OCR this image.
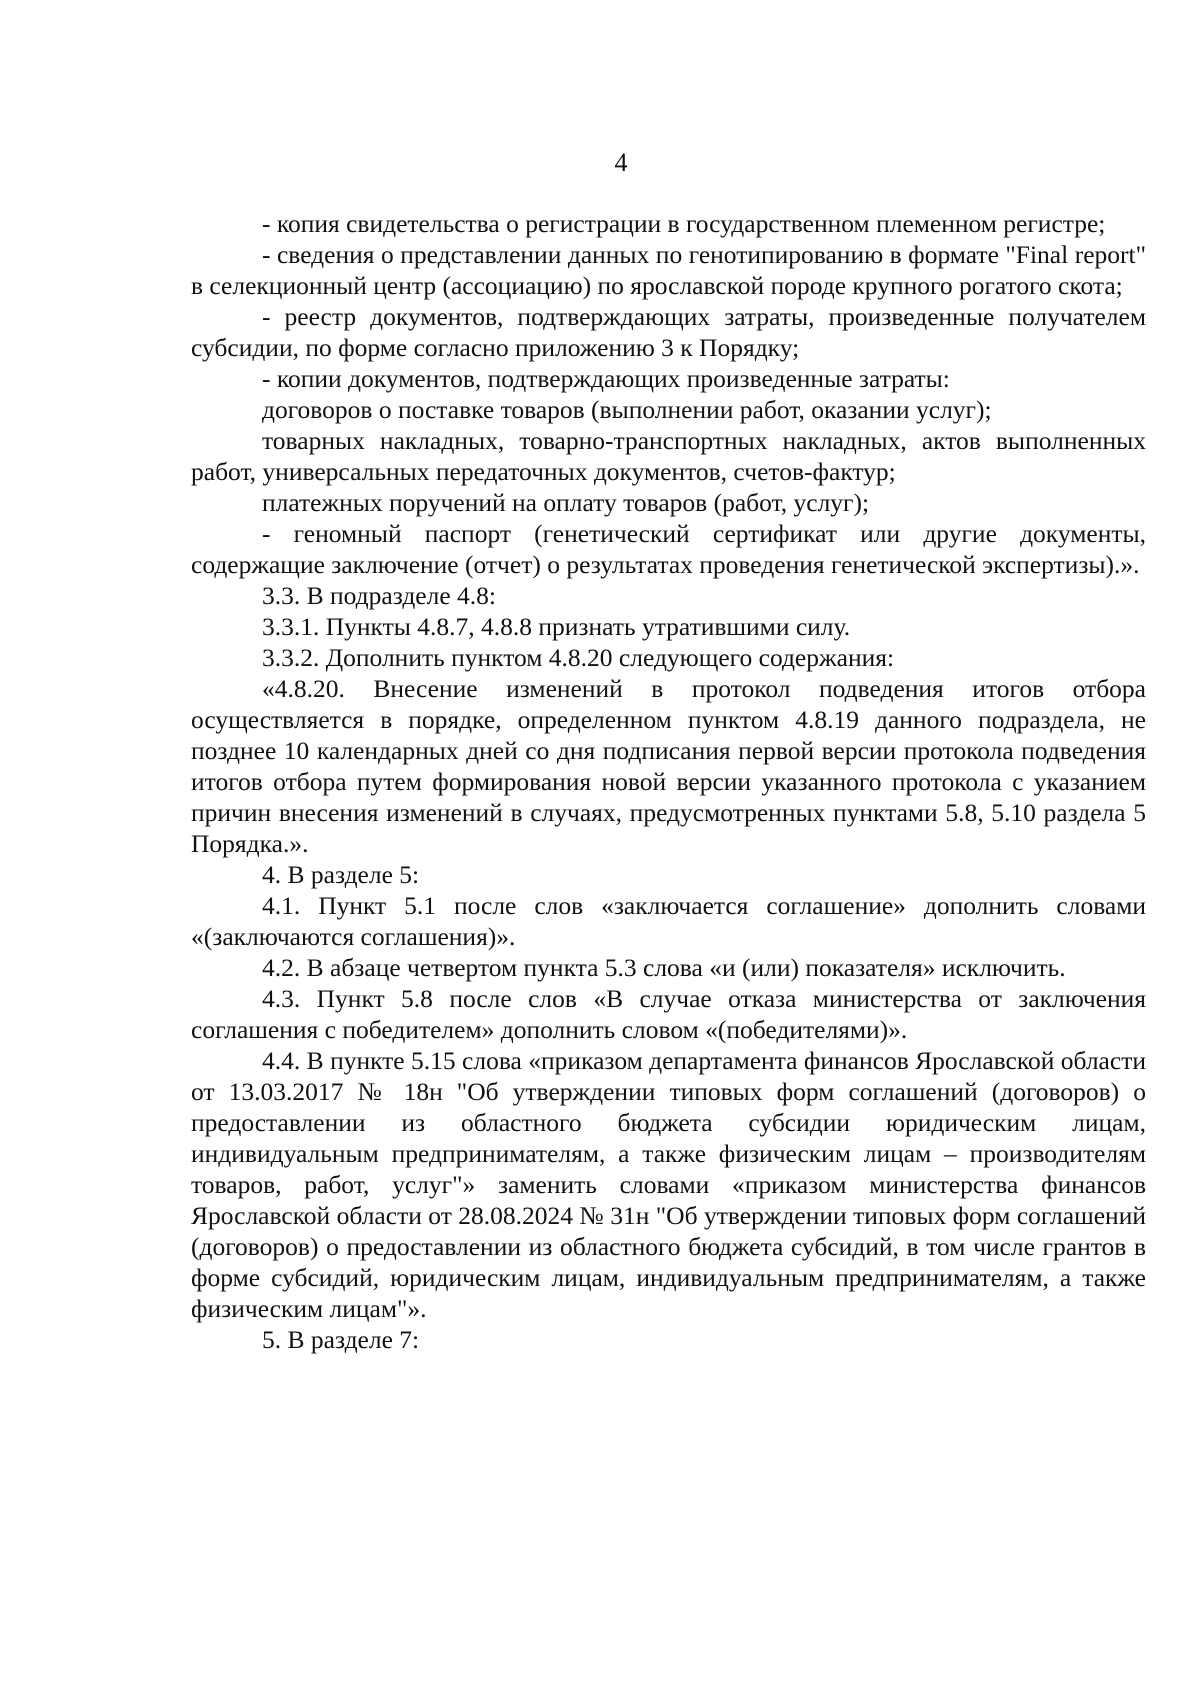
4

- копия свидетельства о регистрации в государственном племенном регистре;

- сведения о представлении данных по генотипированию в формате "Final report" в селекционный центр (ассоциацию) по ярославской породе крупного рогатого скота;

- реестр документов, подтверждающих затраты, произведенные получателем субсидии, по форме согласно приложению 3 к Порядку;

- копии документов, подтверждающих произведенные затраты:

договоров о поставке товаров (выполнении работ, оказании услуг);

товарных накладных, товарно-транспортных накладных, актов выполненных работ, универсальных передаточных документов, счетов-фактур;

платежных поручений на оплату товаров (работ, услуг);

- геномный паспорт (генетический сертификат или другие документы, содержащие заключение (отчет) о результатах проведения генетической экспертизы).».

3.3. В подразделе 4.8:

3.3.1. Пункты 4.8.7, 4.8.8 признать утратившими силу.

3.3.2. Дополнить пунктом 4.8.20 следующего содержания:

«4.8.20. Внесение изменений в протокол подведения итогов отбора осуществляется в порядке, определенном пунктом 4.8.19 данного подраздела, не позднее 10 календарных дней со дня подписания первой версии протокола подведения итогов отбора путем формирования новой версии указанного протокола с указанием причин внесения изменений в случаях, предусмотренных пунктами 5.8, 5.10 раздела 5 Порядка.».

4. В разделе 5:

4.1. Пункт 5.1 после слов «заключается соглашение» дополнить словами «(заключаются соглашения)».

4.2. В абзаце четвертом пункта 5.3 слова «и (или) показателя» исключить.

4.3. Пункт 5.8 после слов «В случае отказа министерства от заключения соглашения с победителем» дополнить словом «(победителями)».

4.4. В пункте 5.15 слова «приказом департамента финансов Ярославской области от 13.03.2017 № 18н "Об утверждении типовых форм соглашений (договоров) о предоставлении из областного бюджета субсидии юридическим лицам, индивидуальным предпринимателям, а также физическим лицам – производителям товаров, работ, услуг"» заменить словами «приказом министерства финансов Ярославской области от 28.08.2024 № 31н "Об утверждении типовых форм соглашений (договоров) о предоставлении из областного бюджета субсидий, в том числе грантов в форме субсидий, юридическим лицам, индивидуальным предпринимателям, а также физическим лицам"».

5. В разделе 7:
